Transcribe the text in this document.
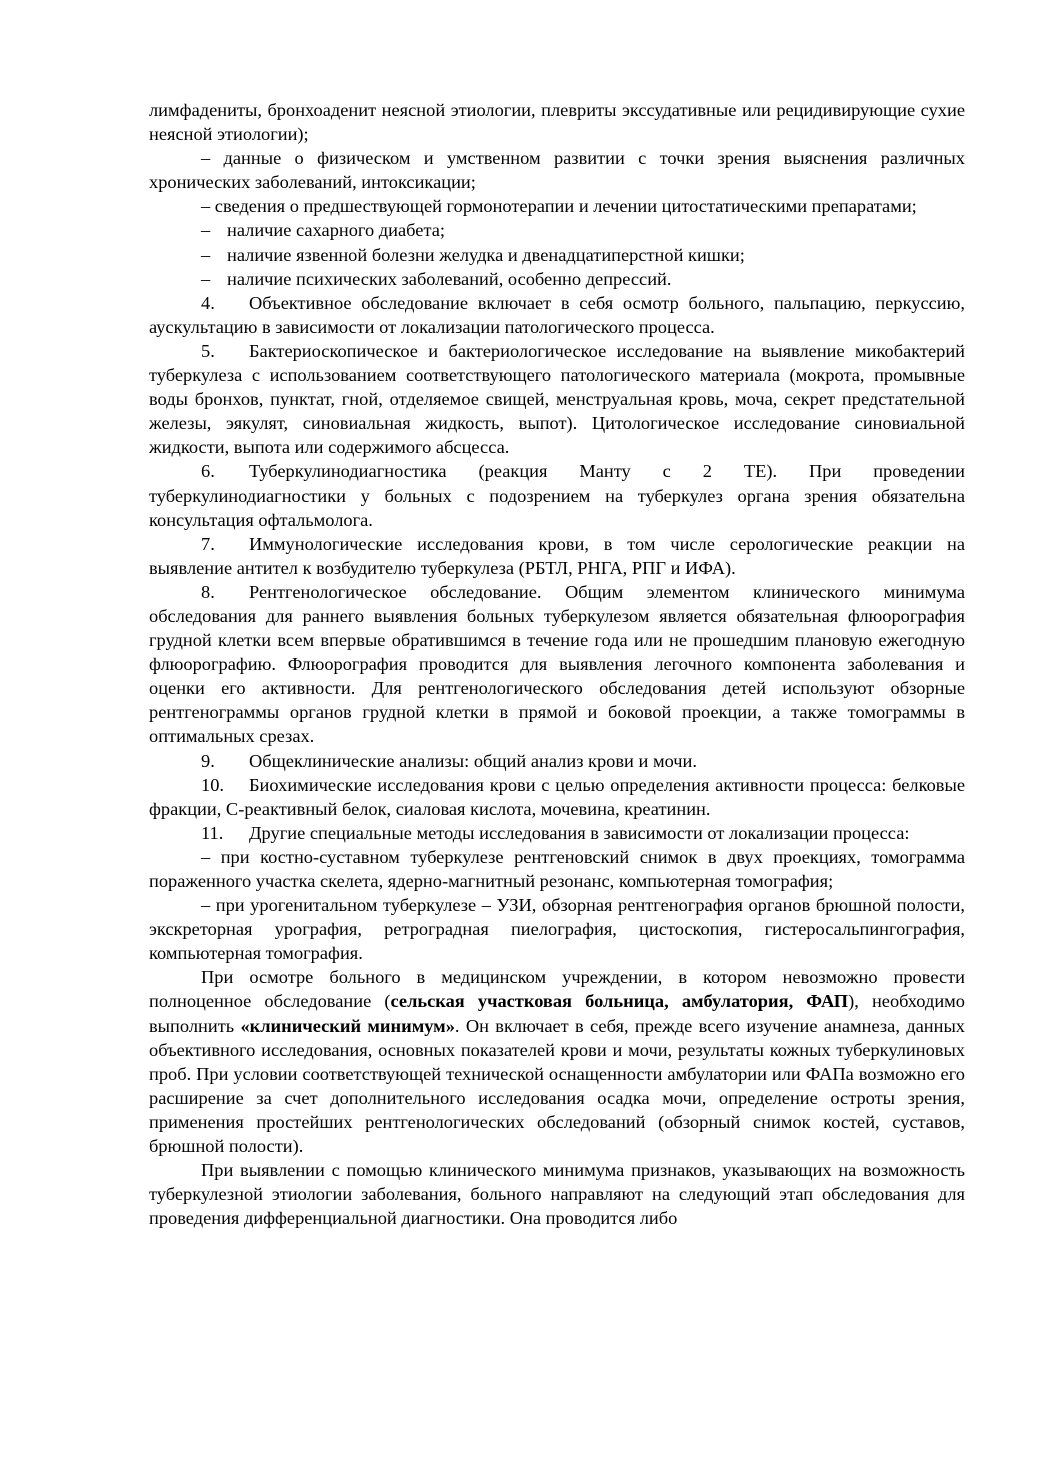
лимфадениты, бронхоаденит неясной этиологии, плевриты экссудативные или рецидивирующие сухие неясной этиологии);

– данные о физическом и умственном развитии с точки зрения выяснения различных хронических заболеваний, интоксикации;

– сведения о предшествующей гормонотерапии и лечении цитостатическими препаратами;

– наличие сахарного диабета;

– наличие язвенной болезни желудка и двенадцатиперстной кишки;

– наличие психических заболеваний, особенно депрессий.

4. Объективное обследование включает в себя осмотр больного, пальпацию, перкуссию, аускультацию в зависимости от локализации патологического процесса.

5. Бактериоскопическое и бактериологическое исследование на выявление микобактерий туберкулеза с использованием соответствующего патологического материала (мокрота, промывные воды бронхов, пунктат, гной, отделяемое свищей, менструальная кровь, моча, секрет предстательной железы, эякулят, синовиальная жидкость, выпот). Цитологическое исследование синовиальной жидкости, выпота или содержимого абсцесса.

6. Туберкулинодиагностика (реакция Манту с 2 ТЕ). При проведении туберкулинодиагностики у больных с подозрением на туберкулез органа зрения обязательна консультация офтальмолога.

7. Иммунологические исследования крови, в том числе серологические реакции на выявление антител к возбудителю туберкулеза (РБТЛ, РНГА, РПГ и ИФА).

8. Рентгенологическое обследование. Общим элементом клинического минимума обследования для раннего выявления больных туберкулезом является обязательная флюорография грудной клетки всем впервые обратившимся в течение года или не прошедшим плановую ежегодную флюорографию. Флюорография проводится для выявления легочного компонента заболевания и оценки его активности. Для рентгенологического обследования детей используют обзорные рентгенограммы органов грудной клетки в прямой и боковой проекции, а также томограммы в оптимальных срезах.

9. Общеклинические анализы: общий анализ крови и мочи.

10. Биохимические исследования крови с целью определения активности процесса: белковые фракции, С-реактивный белок, сиаловая кислота, мочевина, креатинин.

11. Другие специальные методы исследования в зависимости от локализации процесса:

– при костно-суставном туберкулезе рентгеновский снимок в двух проекциях, томограмма пораженного участка скелета, ядерно-магнитный резонанс, компьютерная томография;

– при урогенитальном туберкулезе – УЗИ, обзорная рентгенография органов брюшной полости, экскреторная урография, ретроградная пиелография, цистоскопия, гистеросальпингография, компьютерная томография.

При осмотре больного в медицинском учреждении, в котором невозможно провести полноценное обследование (сельская участковая больница, амбулатория, ФАП), необходимо выполнить «клинический минимум». Он включает в себя, прежде всего изучение анамнеза, данных объективного исследования, основных показателей крови и мочи, результаты кожных туберкулиновых проб. При условии соответствующей технической оснащенности амбулатории или ФАПа возможно его расширение за счет дополнительного исследования осадка мочи, определение остроты зрения, применения простейших рентгенологических обследований (обзорный снимок костей, суставов, брюшной полости).

При выявлении с помощью клинического минимума признаков, указывающих на возможность туберкулезной этиологии заболевания, больного направляют на следующий этап обследования для проведения дифференциальной диагностики. Она проводится либо
